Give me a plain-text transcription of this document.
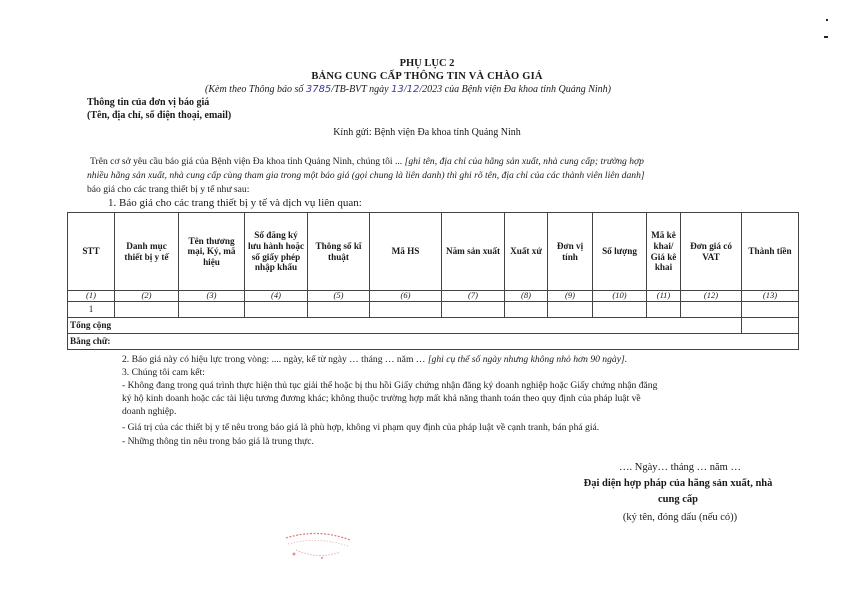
PHỤ LỤC 2
BẢNG CUNG CẤP THÔNG TIN VÀ CHÀO GIÁ
(Kèm theo Thông báo số 3785/TB-BVT ngày 13/12/2023 của Bệnh viện Đa khoa tỉnh Quảng Ninh)
Thông tin của đơn vị báo giá
(Tên, địa chỉ, số điện thoại, email)
Kính gửi: Bệnh viện Đa khoa tỉnh Quảng Ninh
Trên cơ sở yêu cầu báo giá của Bệnh viện Đa khoa tỉnh Quảng Ninh, chúng tôi ... [ghi tên, địa chỉ của hãng sản xuất, nhà cung cấp; trường hợp
nhiều hãng sản xuất, nhà cung cấp cùng tham gia trong một báo giá (gọi chung là liên danh) thì ghi rõ tên, địa chỉ của các thành viên liên danh]
báo giá cho các trang thiết bị y tế như sau:
1. Báo giá cho các trang thiết bị y tế và dịch vụ liên quan:
STT	Danh mục thiết bị y tế	Tên thương mại, Ký, mã hiệu	Số đăng ký lưu hành hoặc số giấy phép nhập khẩu	Thông số kĩ thuật	Mã HS	Năm sản xuất	Xuất xứ	Đơn vị tính	Số lượng	Mã kê khai/ Giá kê khai	Đơn giá có VAT	Thành tiền
(1)	(2)	(3)	(4)	(5)	(6)	(7)	(8)	(9)	(10)	(11)	(12)	(13)
1												
Tổng cộng												
Bằng chữ:												
2. Báo giá này có hiệu lực trong vòng: .... ngày, kể từ ngày … tháng … năm … [ghi cụ thể số ngày nhưng không nhỏ hơn 90 ngày].
3. Chúng tôi cam kết:
- Không đang trong quá trình thực hiện thủ tục giải thể hoặc bị thu hồi Giấy chứng nhận đăng ký doanh nghiệp hoặc Giấy chứng nhận đăng
ký hộ kinh doanh hoặc các tài liệu tương đương khác; không thuộc trường hợp mất khả năng thanh toán theo quy định của pháp luật về
doanh nghiệp.
- Giá trị của các thiết bị y tế nêu trong báo giá là phù hợp, không vi phạm quy định của pháp luật về cạnh tranh, bán phá giá.
- Những thông tin nêu trong báo giá là trung thực.
…. Ngày… tháng … năm …
Đại diện hợp pháp của hãng sản xuất, nhà
cung cấp
(ký tên, đóng dấu (nếu có))
